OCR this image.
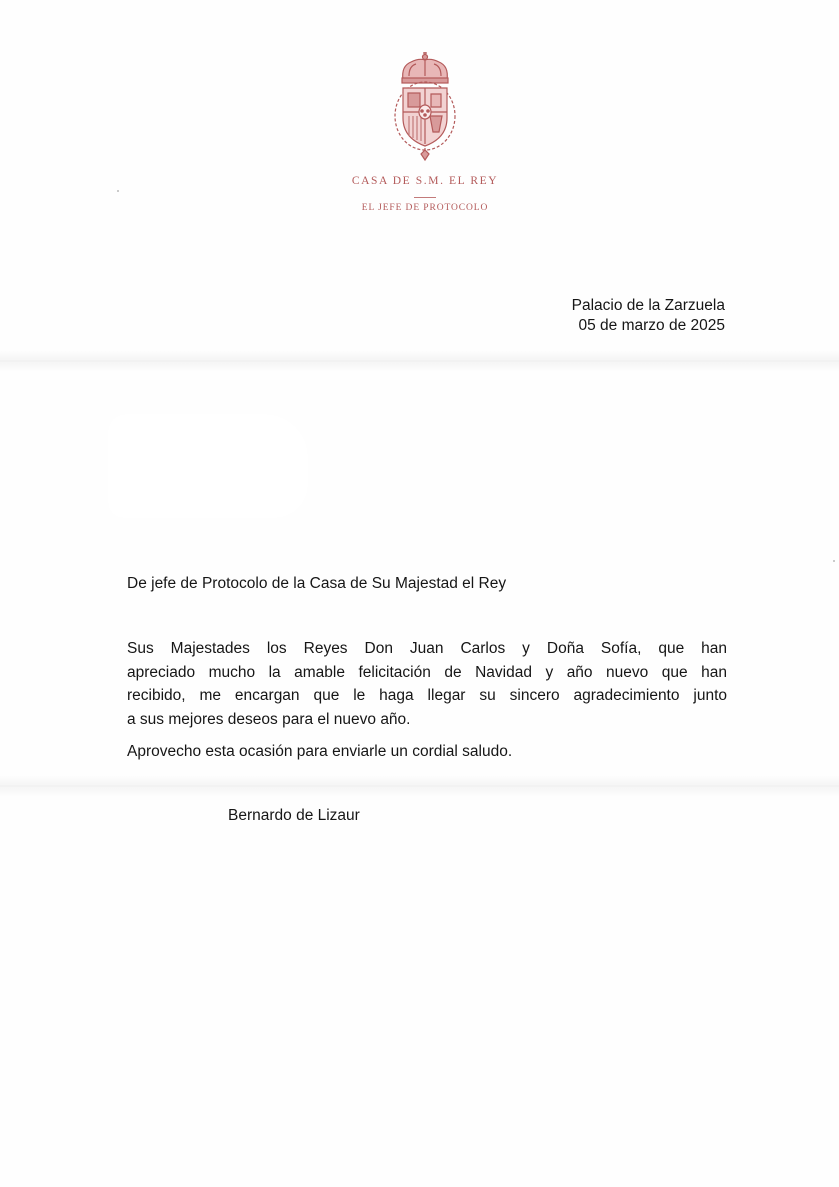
CASA DE S.M. EL REY
EL JEFE DE PROTOCOLO
Palacio de la Zarzuela
05 de marzo de 2025
De jefe de Protocolo de la Casa de Su Majestad el Rey
Sus Majestades los Reyes Don Juan Carlos y Doña Sofía, que han
apreciado mucho la amable felicitación de Navidad y año nuevo que han
recibido, me encargan que le haga llegar su sincero agradecimiento junto
a sus mejores deseos para el nuevo año.
Aprovecho esta ocasión para enviarle un cordial saludo.
Bernardo de Lizaur
